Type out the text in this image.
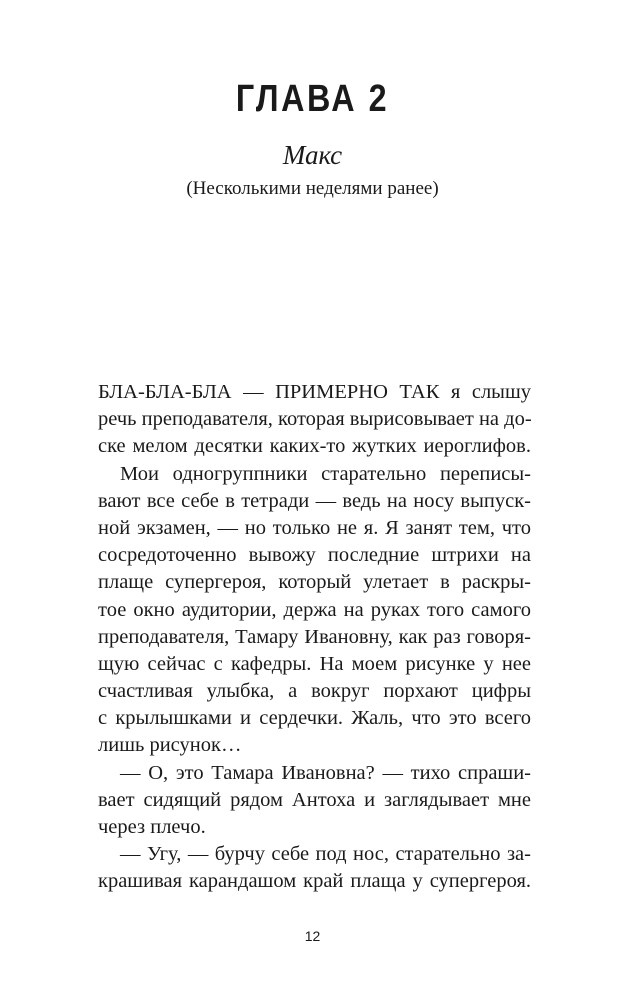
ГЛАВА 2
Макс
(Несколькими неделями ранее)
БЛА-БЛА-БЛА — ПРИМЕРНО ТАК я слышу
речь преподавателя, которая вырисовывает на до-
ске мелом десятки каких-то жутких иероглифов.
Мои одногруппники старательно переписы-
вают все себе в тетради — ведь на носу выпуск-
ной экзамен, — но только не я. Я занят тем, что
сосредоточенно вывожу последние штрихи на
плаще супергероя, который улетает в раскры-
тое окно аудитории, держа на руках того самого
преподавателя, Тамару Ивановну, как раз говоря-
щую сейчас с кафедры. На моем рисунке у нее
счастливая улыбка, а вокруг порхают цифры
с крылышками и сердечки. Жаль, что это всего
лишь рисунок…
— О, это Тамара Ивановна? — тихо спраши-
вает сидящий рядом Антоха и заглядывает мне
через плечо.
— Угу, — бурчу себе под нос, старательно за-
крашивая карандашом край плаща у супергероя.
12
